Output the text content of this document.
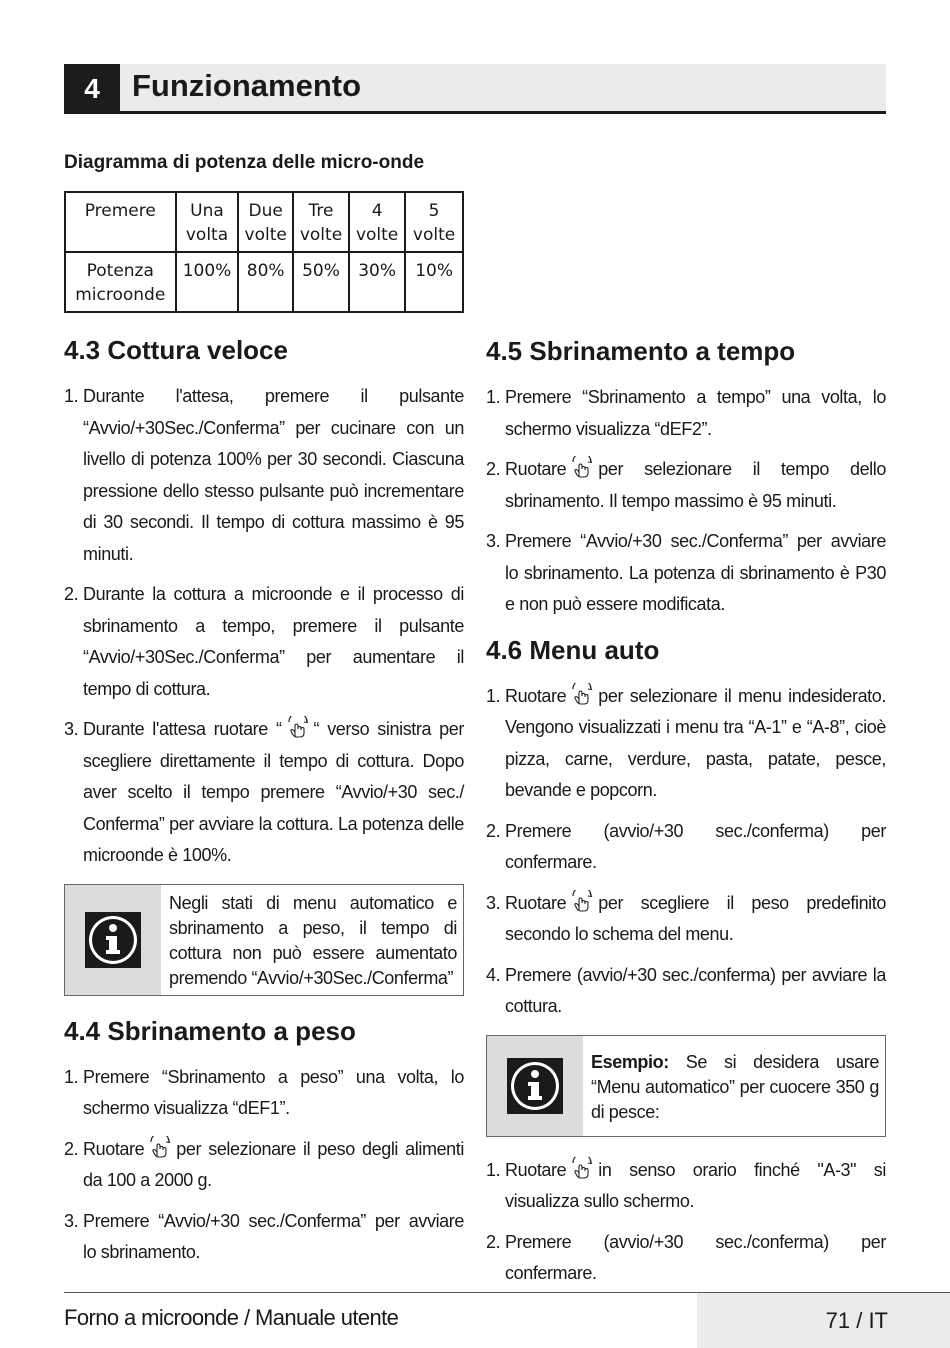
4	Funzionamento
Diagramma di potenza delle micro-onde
Premere	Una volta	Due volte	Tre volte	4 volte	5 volte
Potenza microonde	100%	80%	50%	30%	10%
4.3 Cottura veloce
1. Durante l'attesa, premere il pulsante “Avvio/+30Sec./Conferma” per cucinare con un livello di potenza 100% per 30 secondi. Ciascuna pressione dello stesso pulsante può incrementare di 30 secondi. Il tempo di cottura massimo è 95 minuti.
2. Durante la cottura a microonde e il processo di sbrinamento a tempo, premere il pulsante “Avvio/+30Sec./Conferma” per aumentare il tempo di cottura.
3. Durante l'attesa ruotare “ “ verso sinistra per scegliere direttamente il tempo di cottura. Dopo aver scelto il tempo premere “Avvio/+30 sec./ Conferma” per avviare la cottura. La potenza delle microonde è 100%.
Negli stati di menu automatico e sbrinamento a peso, il tempo di cottura non può essere aumentato premendo “Avvio/+30Sec./Conferma”
4.4 Sbrinamento a peso
1. Premere “Sbrinamento a peso” una volta, lo schermo visualizza “dEF1”.
2. Ruotare per selezionare il peso degli alimenti da 100 a 2000 g.
3. Premere “Avvio/+30 sec./Conferma” per avviare lo sbrinamento.
4.5 Sbrinamento a tempo
1. Premere “Sbrinamento a tempo” una volta, lo schermo visualizza “dEF2”.
2. Ruotare per selezionare il tempo dello sbrinamento. Il tempo massimo è 95 minuti.
3. Premere “Avvio/+30 sec./Conferma” per avviare lo sbrinamento. La potenza di sbrinamento è P30 e non può essere modificata.
4.6 Menu auto
1. Ruotare per selezionare il menu indesiderato. Vengono visualizzati i menu tra “A-1” e “A-8”, cioè pizza, carne, verdure, pasta, patate, pesce, bevande e popcorn.
2. Premere (avvio/+30 sec./conferma) per confermare.
3. Ruotare per scegliere il peso predefinito secondo lo schema del menu.
4. Premere (avvio/+30 sec./conferma) per avviare la cottura.
Esempio: Se si desidera usare “Menu automatico” per cuocere 350 g di pesce:
1. Ruotare in senso orario finché "A-3" si visualizza sullo schermo.
2. Premere (avvio/+30 sec./conferma) per confermare.
Forno a microonde / Manuale utente	71 / IT
